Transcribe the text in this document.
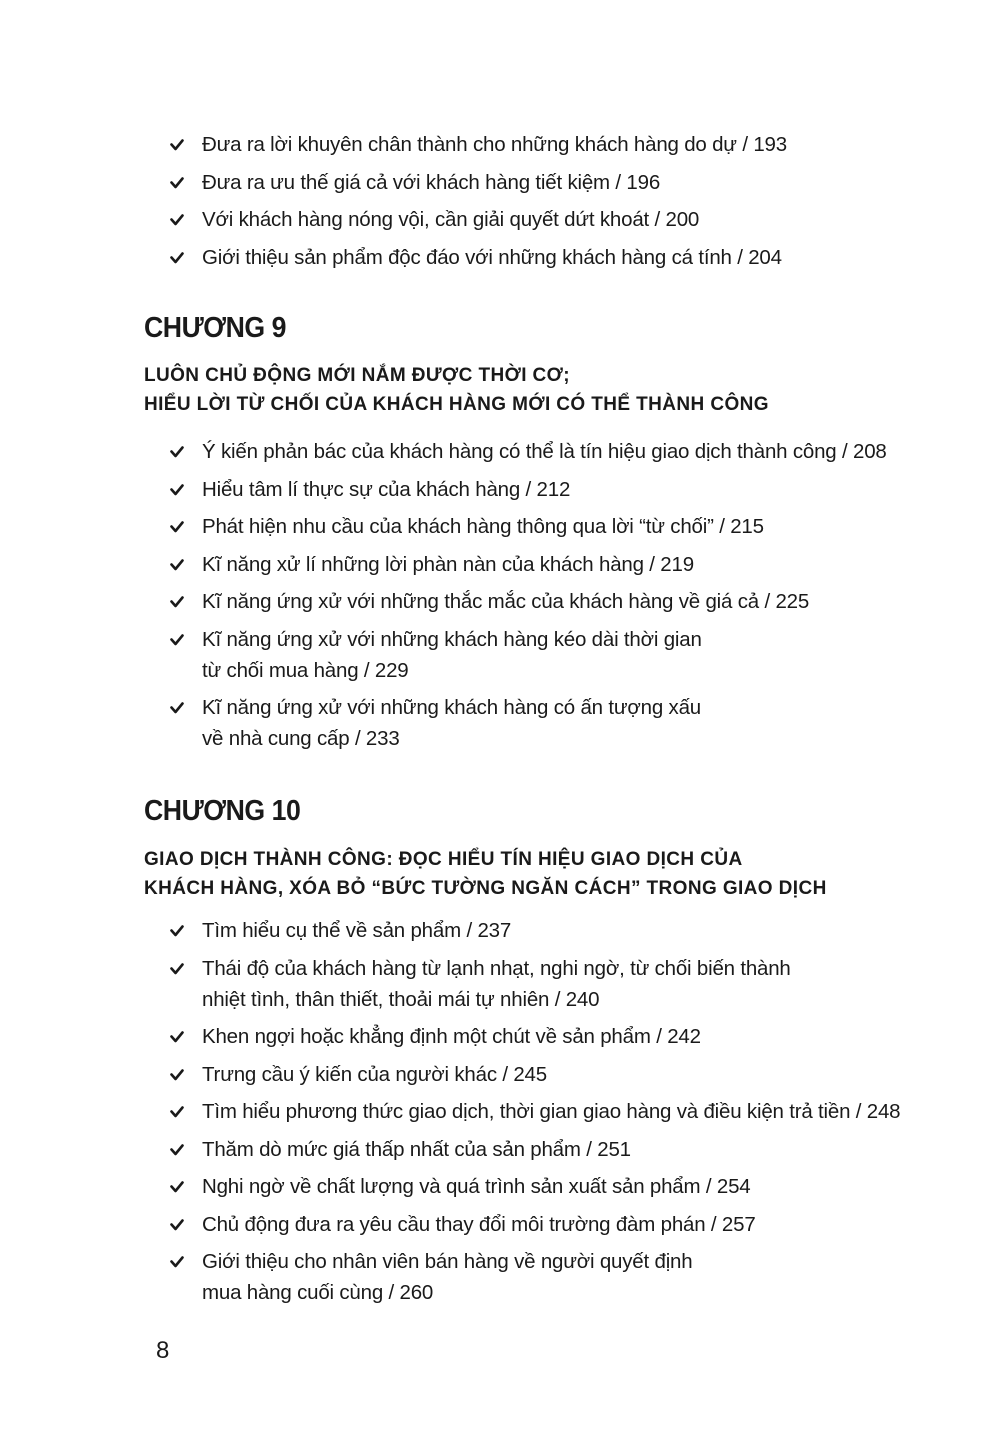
Đưa ra lời khuyên chân thành cho những khách hàng do dự / 193
Đưa ra ưu thế giá cả với khách hàng tiết kiệm / 196
Với khách hàng nóng vội, cần giải quyết dứt khoát / 200
Giới thiệu sản phẩm độc đáo với những khách hàng cá tính / 204
CHƯƠNG 9
LUÔN CHỦ ĐỘNG MỚI NẮM ĐƯỢC THỜI CƠ;
HIỂU LỜI TỪ CHỐI CỦA KHÁCH HÀNG MỚI CÓ THỂ THÀNH CÔNG
Ý kiến phản bác của khách hàng có thể là tín hiệu giao dịch thành công / 208
Hiểu tâm lí thực sự của khách hàng / 212
Phát hiện nhu cầu của khách hàng thông qua lời “từ chối” / 215
Kĩ năng xử lí những lời phàn nàn của khách hàng / 219
Kĩ năng ứng xử với những thắc mắc của khách hàng về giá cả / 225
Kĩ năng ứng xử với những khách hàng kéo dài thời gian
từ chối mua hàng / 229
Kĩ năng ứng xử với những khách hàng có ấn tượng xấu
về nhà cung cấp / 233
CHƯƠNG 10
GIAO DỊCH THÀNH CÔNG: ĐỌC HIỂU TÍN HIỆU GIAO DỊCH CỦA
KHÁCH HÀNG, XÓA BỎ “BỨC TƯỜNG NGĂN CÁCH” TRONG GIAO DỊCH
Tìm hiểu cụ thể về sản phẩm / 237
Thái độ của khách hàng từ lạnh nhạt, nghi ngờ, từ chối biến thành
nhiệt tình, thân thiết, thoải mái tự nhiên / 240
Khen ngợi hoặc khẳng định một chút về sản phẩm / 242
Trưng cầu ý kiến của người khác / 245
Tìm hiểu phương thức giao dịch, thời gian giao hàng và điều kiện trả tiền / 248
Thăm dò mức giá thấp nhất của sản phẩm / 251
Nghi ngờ về chất lượng và quá trình sản xuất sản phẩm / 254
Chủ động đưa ra yêu cầu thay đổi môi trường đàm phán / 257
Giới thiệu cho nhân viên bán hàng về người quyết định
mua hàng cuối cùng / 260
8
